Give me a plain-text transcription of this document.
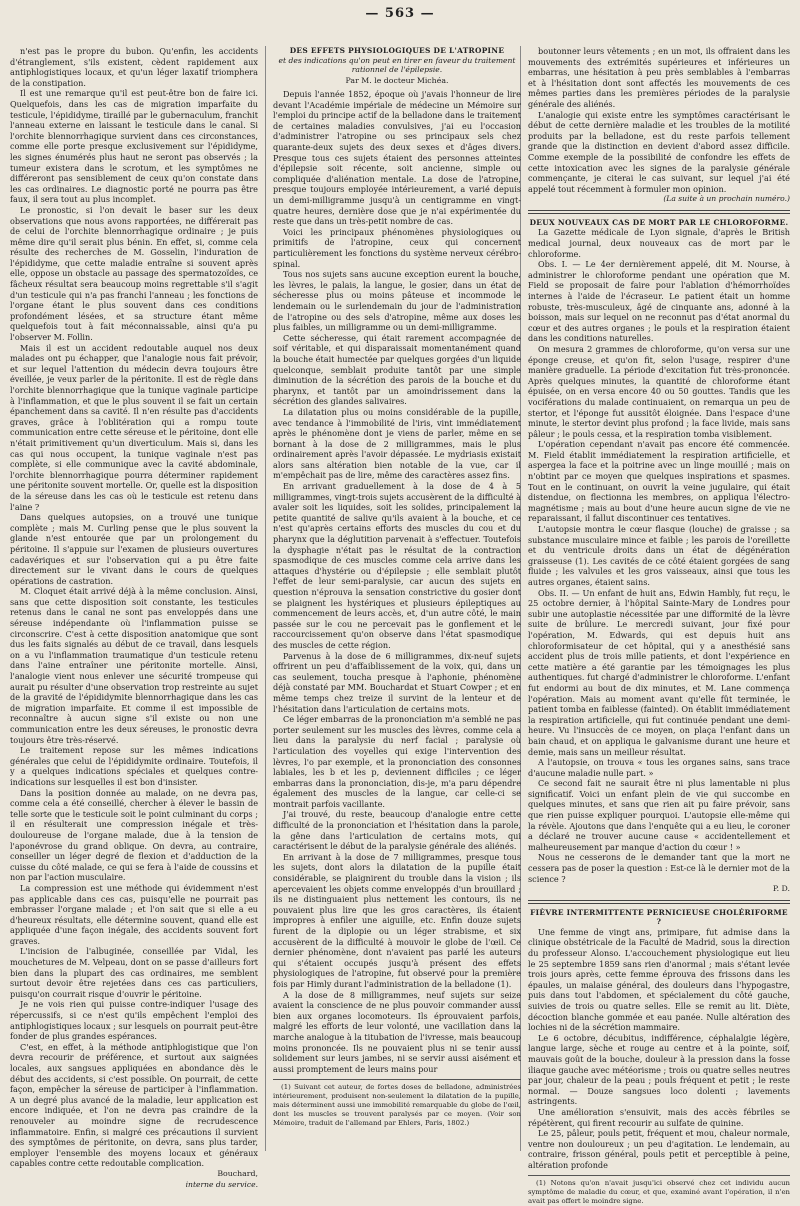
— 563 —

n'est pas le propre du bubon. Qu'enfin, les accidents d'étranglement, s'ils existent, cèdent rapidement aux antiphlogistiques locaux, et qu'un léger laxatif triomphera de la constipation.

Il est une remarque qu'il est peut-être bon de faire ici. Quelquefois, dans les cas de migration imparfaite du testicule, l'épididyme, tiraillé par le gubernaculum, franchit l'anneau externe en laissant le testicule dans le canal. Si l'orchite blennorrhagique survient dans ces circonstances, comme elle porte presque exclusivement sur l'épididyme, les signes énumérés plus haut ne seront pas observés ; la tumeur existera dans le scrotum, et les symptômes ne différeront pas sensiblement de ceux qu'on constate dans les cas ordinaires. Le diagnostic porté ne pourra pas être faux, il sera tout au plus incomplet.

Le pronostic, si l'on devait le baser sur les deux observations que nous avons rapportées, ne différerait pas de celui de l'orchite blennorrhagique ordinaire ; je puis même dire qu'il serait plus bénin. En effet, si, comme cela résulte des recherches de M. Gosselin, l'induration de l'épididyme, que cette maladie entraîne si souvent après elle, oppose un obstacle au passage des spermatozoïdes, ce fâcheux résultat sera beaucoup moins regrettable s'il s'agit d'un testicule qui n'a pas franchi l'anneau ; les fonctions de l'organe étant le plus souvent dans ces conditions profondément lésées, et sa structure étant même quelquefois tout à fait méconnaissable, ainsi qu'a pu l'observer M. Follin.

Mais il est un accident redoutable auquel nos deux malades ont pu échapper, que l'analogie nous fait prévoir, et sur lequel l'attention du médecin devra toujours être éveillée, je veux parler de la péritonite. Il est de règle dans l'orchite blennorrhagique que la tunique vaginale participe à l'inflammation, et que le plus souvent il se fait un certain épanchement dans sa cavité. Il n'en résulte pas d'accidents graves, grâce à l'oblitération qui a rompu toute communication entre cette séreuse et le péritoine, dont elle n'était primitivement qu'un diverticulum. Mais si, dans les cas qui nous occupent, la tunique vaginale n'est pas complète, si elle communique avec la cavité abdominale, l'orchite blennorrhagique pourra déterminer rapidement une péritonite souvent mortelle. Or, quelle est la disposition de la séreuse dans les cas où le testicule est retenu dans l'aine ?

Dans quelques autopsies, on a trouvé une tunique complète ; mais M. Curling pense que le plus souvent la glande n'est entourée que par un prolongement du péritoine. Il s'appuie sur l'examen de plusieurs ouvertures cadavériques et sur l'observation qui a pu être faite directement sur le vivant dans le cours de quelques opérations de castration.

M. Cloquet était arrivé déjà à la même conclusion. Ainsi, sans que cette disposition soit constante, les testicules retenus dans le canal ne sont pas enveloppés dans une séreuse indépendante où l'inflammation puisse se circonscrire. C'est à cette disposition anatomique que sont dus les faits signalés au début de ce travail, dans lesquels on a vu l'inflammation traumatique d'un testicule retenu dans l'aine entraîner une péritonite mortelle. Ainsi, l'analogie vient nous enlever une sécurité trompeuse qui aurait pu résulter d'une observation trop restreinte au sujet de la gravité de l'épididymite blennorrhagique dans les cas de migration imparfaite. Et comme il est impossible de reconnaître à aucun signe s'il existe ou non une communication entre les deux séreuses, le pronostic devra toujours être très-réservé.

Le traitement repose sur les mêmes indications générales que celui de l'épididymite ordinaire. Toutefois, il y a quelques indications spéciales et quelques contre-indications sur lesquelles il est bon d'insister.

Dans la position donnée au malade, on ne devra pas, comme cela a été conseillé, chercher à élever le bassin de telle sorte que le testicule soit le point culminant du corps ; il en résulterait une compression inégale et très-douloureuse de l'organe malade, due à la tension de l'aponévrose du grand oblique. On devra, au contraire, conseiller un léger degré de flexion et d'adduction de la cuisse du côté malade, ce qui se fera à l'aide de coussins et non par l'action musculaire.

La compression est une méthode qui évidemment n'est pas applicable dans ces cas, puisqu'elle ne pourrait pas embrasser l'organe malade ; et l'on sait que si elle a eu d'heureux résultats, elle détermine souvent, quand elle est appliquée d'une façon inégale, des accidents souvent fort graves.

L'incision de l'albuginée, conseillée par Vidal, les mouchetures de M. Velpeau, dont on se passe d'ailleurs fort bien dans la plupart des cas ordinaires, me semblent surtout devoir être rejetées dans ces cas particuliers, puisqu'on courrait risque d'ouvrir le péritoine.

Je ne vois rien qui puisse contre-indiquer l'usage des répercussifs, si ce n'est qu'ils empêchent l'emploi des antiphlogistiques locaux ; sur lesquels on pourrait peut-être fonder de plus grandes espérances.

C'est, en effet, à la méthode antiphlogistique que l'on devra recourir de préférence, et surtout aux saignées locales, aux sangsues appliquées en abondance dès le début des accidents, si c'est possible. On pourrait, de cette façon, empêcher la séreuse de participer à l'inflammation. A un degré plus avancé de la maladie, leur application est encore indiquée, et l'on ne devra pas craindre de la renouveler au moindre signe de recrudescence inflammatoire. Enfin, si malgré ces précautions il survient des symptômes de péritonite, on devra, sans plus tarder, employer l'ensemble des moyens locaux et généraux capables contre cette redoutable complication.

Bouchard,

interne du service.

DES EFFETS PHYSIOLOGIQUES DE L'ATROPINE

et des indications qu'on peut en tirer en faveur du traitement rationnel de l'épilepsie.

Par M. le docteur Michéa.

Depuis l'année 1852, époque où j'avais l'honneur de lire devant l'Académie impériale de médecine un Mémoire sur l'emploi du principe actif de la belladone dans le traitement de certaines maladies convulsives, j'ai eu l'occasion d'administrer l'atropine ou ses principaux sels chez quarante-deux sujets des deux sexes et d'âges divers. Presque tous ces sujets étaient des personnes atteintes d'épilepsie soit récente, soit ancienne, simple ou compliquée d'aliénation mentale. La dose de l'atropine, presque toujours employée intérieurement, a varié depuis un demi-milligramme jusqu'à un centigramme en vingt-quatre heures, dernière dose que je n'ai expérimentée du reste que dans un très-petit nombre de cas.

Voici les principaux phénomènes physiologiques ou primitifs de l'atropine, ceux qui concernent particulièrement les fonctions du système nerveux cérébro-spinal.

Tous nos sujets sans aucune exception eurent la bouche, les lèvres, le palais, la langue, le gosier, dans un état de sécheresse plus ou moins pâteuse et incommode le lendemain ou le surlendemain du jour de l'administration de l'atropine ou des sels d'atropine, même aux doses les plus faibles, un milligramme ou un demi-milligramme.

Cette sécheresse, qui était rarement accompagnée de soif véritable, et qui disparaissait momentanément quand la bouche était humectée par quelques gorgées d'un liquide quelconque, semblait produite tantôt par une simple diminution de la sécrétion des parois de la bouche et du pharynx, et tantôt par un amoindrissement dans la sécrétion des glandes salivaires.

La dilatation plus ou moins considérable de la pupille, avec tendance à l'immobilité de l'iris, vint immédiatement après le phénomène dont je viens de parler, même en se bornant à la dose de 2 milligrammes, mais le plus ordinairement après l'avoir dépassée. Le mydriasis existait alors sans altération bien notable de la vue, car il m'empêchait pas de lire, même des caractères assez fins.

En arrivant graduellement à la dose de 4 à 5 milligrammes, vingt-trois sujets accusèrent de la difficulté à avaler soit les liquides, soit les solides, principalement la petite quantité de salive qu'ils avaient à la bouche, et ce n'est qu'après certains efforts des muscles du cou et du pharynx que la déglutition parvenait à s'effectuer. Toutefois la dysphagie n'était pas le résultat de la contraction spasmodique de ces muscles comme cela arrive dans les attaques d'hystérie ou d'épilepsie ; elle semblait plutôt l'effet de leur semi-paralysie, car aucun des sujets en question n'éprouva la sensation constrictive du gosier dont se plaignent les hystériques et plusieurs épileptiques au commencement de leurs accès, et, d'un autre côté, le main passée sur le cou ne percevait pas le gonflement et le raccourcissement qu'on observe dans l'état spasmodique des muscles de cette région.

Parvenus à la dose de 6 milligrammes, dix-neuf sujets offrirent un peu d'affaiblissement de la voix, qui, dans un cas seulement, toucha presque à l'aphonie, phénomène déjà constaté par MM. Bouchardat et Stuart Cowper ; et en même temps chez treize il survint de la lenteur et de l'hésitation dans l'articulation de certains mots.

Ce léger embarras de la prononciation m'a semblé ne pas porter seulement sur les muscles des lèvres, comme cela a lieu dans la paralysie du nerf facial ; paralysie où l'articulation des voyelles qui exige l'intervention des lèvres, l'o par exemple, et la prononciation des consonnes labiales, les b et les p, deviennent difficiles ; ce léger embarras dans la prononciation, dis-je, m'a paru dépendre également des muscles de la langue, car celle-ci se montrait parfois vacillante.

J'ai trouvé, du reste, beaucoup d'analogie entre cette difficulté de la prononciation et l'hésitation dans la parole, la gêne dans l'articulation de certains mots, qui caractérisent le début de la paralysie générale des aliénés.

En arrivant à la dose de 7 milligrammes, presque tous les sujets, dont alors la dilatation de la pupille était considérable, se plaignirent du trouble dans la vision ; ils apercevaient les objets comme enveloppés d'un brouillard ; ils ne distinguaient plus nettement les contours, ils ne pouvaient plus lire que les gros caractères, ils étaient impropres à enfiler une aiguille, etc. Enfin douze sujets furent de la diplopie ou un léger strabisme, et six accusèrent de la difficulté à mouvoir le globe de l'œil. Ce dernier phénomène, dont n'avaient pas parlé les auteurs qui s'étaient occupés jusqu'à présent des effets physiologiques de l'atropine, fut observé pour la première fois par Himly durant l'administration de la belladone (1).

A la dose de 8 milligrammes, neuf sujets sur seize avaient la conscience de ne plus pouvoir commander aussi bien aux organes locomoteurs. Ils éprouvaient parfois, malgré les efforts de leur volonté, une vacillation dans la marche analogue à la titubation de l'ivresse, mais beaucoup moins prononcée. Ils ne pouvaient plus ni se tenir aussi solidement sur leurs jambes, ni se servir aussi aisément et aussi promptement de leurs mains pour

(1) Suivant cet auteur, de fortes doses de belladone, administrées intérieurement, produisent non-seulement la dilatation de la pupille, mais déterminent aussi une immobilité remarquable du globe de l'œil, dont les muscles se trouvent paralysés par ce moyen. (Voir son Mémoire, traduit de l'allemand par Ehlers, Paris, 1802.)

boutonner leurs vêtements ; en un mot, ils offraient dans les mouvements des extrémités supérieures et inférieures un embarras, une hésitation à peu près semblables à l'embarras et à l'hésitation dont sont affectés les mouvements de ces mêmes parties dans les premières périodes de la paralysie générale des aliénés.

L'analogie qui existe entre les symptômes caractérisant le début de cette dernière maladie et les troubles de la motilité produits par la belladone, est du reste parfois tellement grande que la distinction en devient d'abord assez difficile. Comme exemple de la possibilité de confondre les effets de cette intoxication avec les signes de la paralysie générale commençante, je citerai le cas suivant, sur lequel j'ai été appelé tout récemment à formuler mon opinion.

(La suite à un prochain numéro.)

DEUX NOUVEAUX CAS DE MORT PAR LE CHLOROFORME.

La Gazette médicale de Lyon signale, d'après le British medical journal, deux nouveaux cas de mort par le chloroforme.

Obs. I. — Le 4er dernièrement appelé, dit M. Nourse, à administrer le chloroforme pendant une opération que M. Field se proposait de faire pour l'ablation d'hémorrhoïdes internes à l'aide de l'écraseur. Le patient était un homme robuste, très-musculeux, âgé de cinquante ans, adonné à la boisson, mais sur lequel on ne reconnut pas d'état anormal du cœur et des autres organes ; le pouls et la respiration étaient dans les conditions naturelles.

On mesura 2 grammes de chloroforme, qu'on versa sur une éponge creuse, et qu'on fit, selon l'usage, respirer d'une manière graduelle. La période d'excitation fut très-prononcée. Après quelques minutes, la quantité de chloroforme étant épuisée, on en versa encore 40 ou 50 gouttes. Tandis que les vociférations du malade continuaient, on remarqua un peu de stertor, et l'éponge fut aussitôt éloignée. Dans l'espace d'une minute, le stertor devint plus profond ; la face livide, mais sans pâleur ; le pouls cessa, et la respiration tomba visiblement.

L'opération cependant n'avait pas encore été commencée. M. Field établit immédiatement la respiration artificielle, et aspergea la face et la poitrine avec un linge mouillé ; mais on n'obtint par ce moyen que quelques inspirations et spasmes. Tout en le continuant, on ouvrit la veine jugulaire, qui était distendue, on flectionna les membres, on appliqua l'électro-magnétisme ; mais au bout d'une heure aucun signe de vie ne reparaissant, il fallut discontinuer ces tentatives.

L'autopsie montra le cœur flasque (louche) de graisse ; sa substance musculaire mince et faible ; les parois de l'oreillette et du ventricule droits dans un état de dégénération graisseuse (1). Les cavités de ce côté étaient gorgées de sang fluide ; les valvules et les gros vaisseaux, ainsi que tous les autres organes, étaient sains.

Obs. II. — Un enfant de huit ans, Edwin Hambly, fut reçu, le 25 octobre dernier, à l'hôpital Sainte-Mary de Londres pour subir une autoplastie nécessitée par une difformité de la lèvre suite de brûlure. Le mercredi suivant, jour fixé pour l'opération, M. Edwards, qui est depuis huit ans chloroformisateur de cet hôpital, qui y a anesthésié sans accident plus de trois mille patients, et dont l'expérience en cette matière a été garantie par les témoignages les plus authentiques. fut chargé d'administrer le chloroforme. L'enfant fut endormi au bout de dix minutes, et M. Lane commença l'opération. Mais au moment avant qu'elle fût terminée, le patient tomba en faiblesse (fainted). On établit immédiatement la respiration artificielle, qui fut continuée pendant une demi-heure. Vu l'insuccès de ce moyen, on plaça l'enfant dans un bain chaud, et on appliqua le galvanisme durant une heure et demie, mais sans un meilleur résultat.

A l'autopsie, on trouva « tous les organes sains, sans trace d'aucune maladie nulle part. »

Ce second fait ne saurait être ni plus lamentable ni plus significatif. Voici un enfant plein de vie qui succombe en quelques minutes, et sans que rien ait pu faire prévoir, sans que rien puisse expliquer pourquoi. L'autopsie elle-même qui la révèle. Ajoutons que dans l'enquête qui a eu lieu, le coroner a déclaré ne trouver aucune cause « accidentellement et malheureusement par manque d'action du cœur ! »

Nous ne cesserons de le demander tant que la mort ne cessera pas de poser la question : Est-ce là le dernier mot de la science ?

P. D.

FIÈVRE INTERMITTENTE PERNICIEUSE CHOLÉRIFORME ?

Une femme de vingt ans, primipare, fut admise dans la clinique obstétricale de la Faculté de Madrid, sous la direction du professeur Alonso. L'accouchement physiologique eut lieu le 25 septembre 1859 sans rien d'anormal ; mais s'étant levée trois jours après, cette femme éprouva des frissons dans les épaules, un malaise général, des douleurs dans l'hypogastre, puis dans tout l'abdomen, et spécialement du côté gauche, suivies de trois ou quatre selles. Elle se remit au lit. Diète, décoction blanche gommée et eau panée. Nulle altération des lochies ni de la sécrétion mammaire.

Le 6 octobre, décubitus, indifférence, céphalalgie légère, langue large, sèche et rouge au centre et à la pointe, soif, mauvais goût de la bouche, douleur à la pression dans la fosse iliaque gauche avec météorisme ; trois ou quatre selles neutres par jour, chaleur de la peau ; pouls fréquent et petit ; le reste normal. — Douze sangsues loco dolenti ; lavements astringents.

Une amélioration s'ensuivit, mais des accès fébriles se répétèrent, qui firent recourir au sulfate de quinine.

Le 25, pâleur, pouls petit, fréquent et mou, chaleur normale, ventre non douloureux ; un peu d'agitation. Le lendemain, au contraire, frisson général, pouls petit et perceptible à peine, altération profonde

(1) Notons qu'on n'avait jusqu'ici observé chez cet individu aucun symptôme de maladie du cœur, et que, examiné avant l'opération, il n'en avait pas offert le moindre signe.
